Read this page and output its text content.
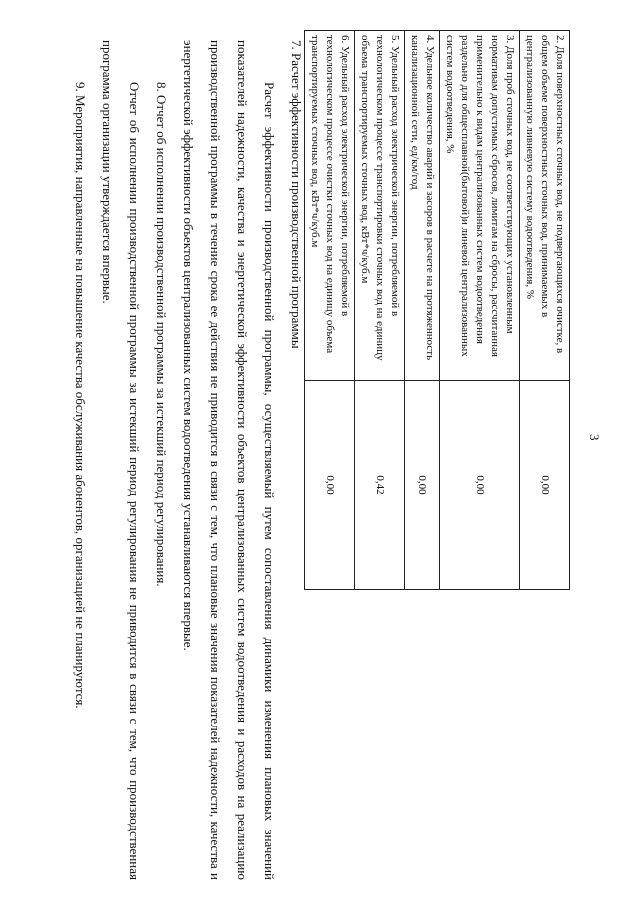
3
2. Доля поверхностных сточных вод, не подвергающихся очистке, в общем объеме поверхностных сточных вод, принимаемых в централизованную ливневую систему водоотведения, %	0,00
3. Доля проб сточных вод, не соответствующих установленным нормативам допустимых сбросов, лимитам на сбросы, рассчитанная применительно к видам централизованных систем водоотведения раздельно для общесплавной(бытовой)и линевой централизованных систем водоотведения, %	0,00
4. Удельное количество аварий и засоров в расчете на протяженность канализационной сети, ед/км/год	0,00
5. Удельный расход электрической энергии, потребляемой в технологическом процессе транспортировки сточных вод на единицу объема транспортируемых сточных вод, кВт*ч/куб.м	0,42
6. Удельный расход электрической энергии, потребляемой в технологическом процессе очистки сточных вод на единицу объема транспортируемых сточных вод, кВт*ч/куб.м	0,00

7. Расчет эффективности производственной программы

Расчет эффективности производственной программы, осуществляемый путем сопоставления динамики изменения плановых значений показателей надежности, качества и энергетической эффективности объектов централизованных систем водоотведения и расходов на реализацию производственной программы в течение срока ее действия не приводится в связи с тем, что плановые значения показателей надежности, качества и энергетической эффективности объектов централизованных систем водоотведения устанавливаются впервые.

8. Отчет об исполнении производственной программы за истекший период регулирования.

Отчет об исполнении производственной программы за истекший период регулирования не приводится в связи с тем, что производственная программа организации утверждается впервые.

9. Мероприятия, направленные на повышение качества обслуживания абонентов, организацией не планируются.
